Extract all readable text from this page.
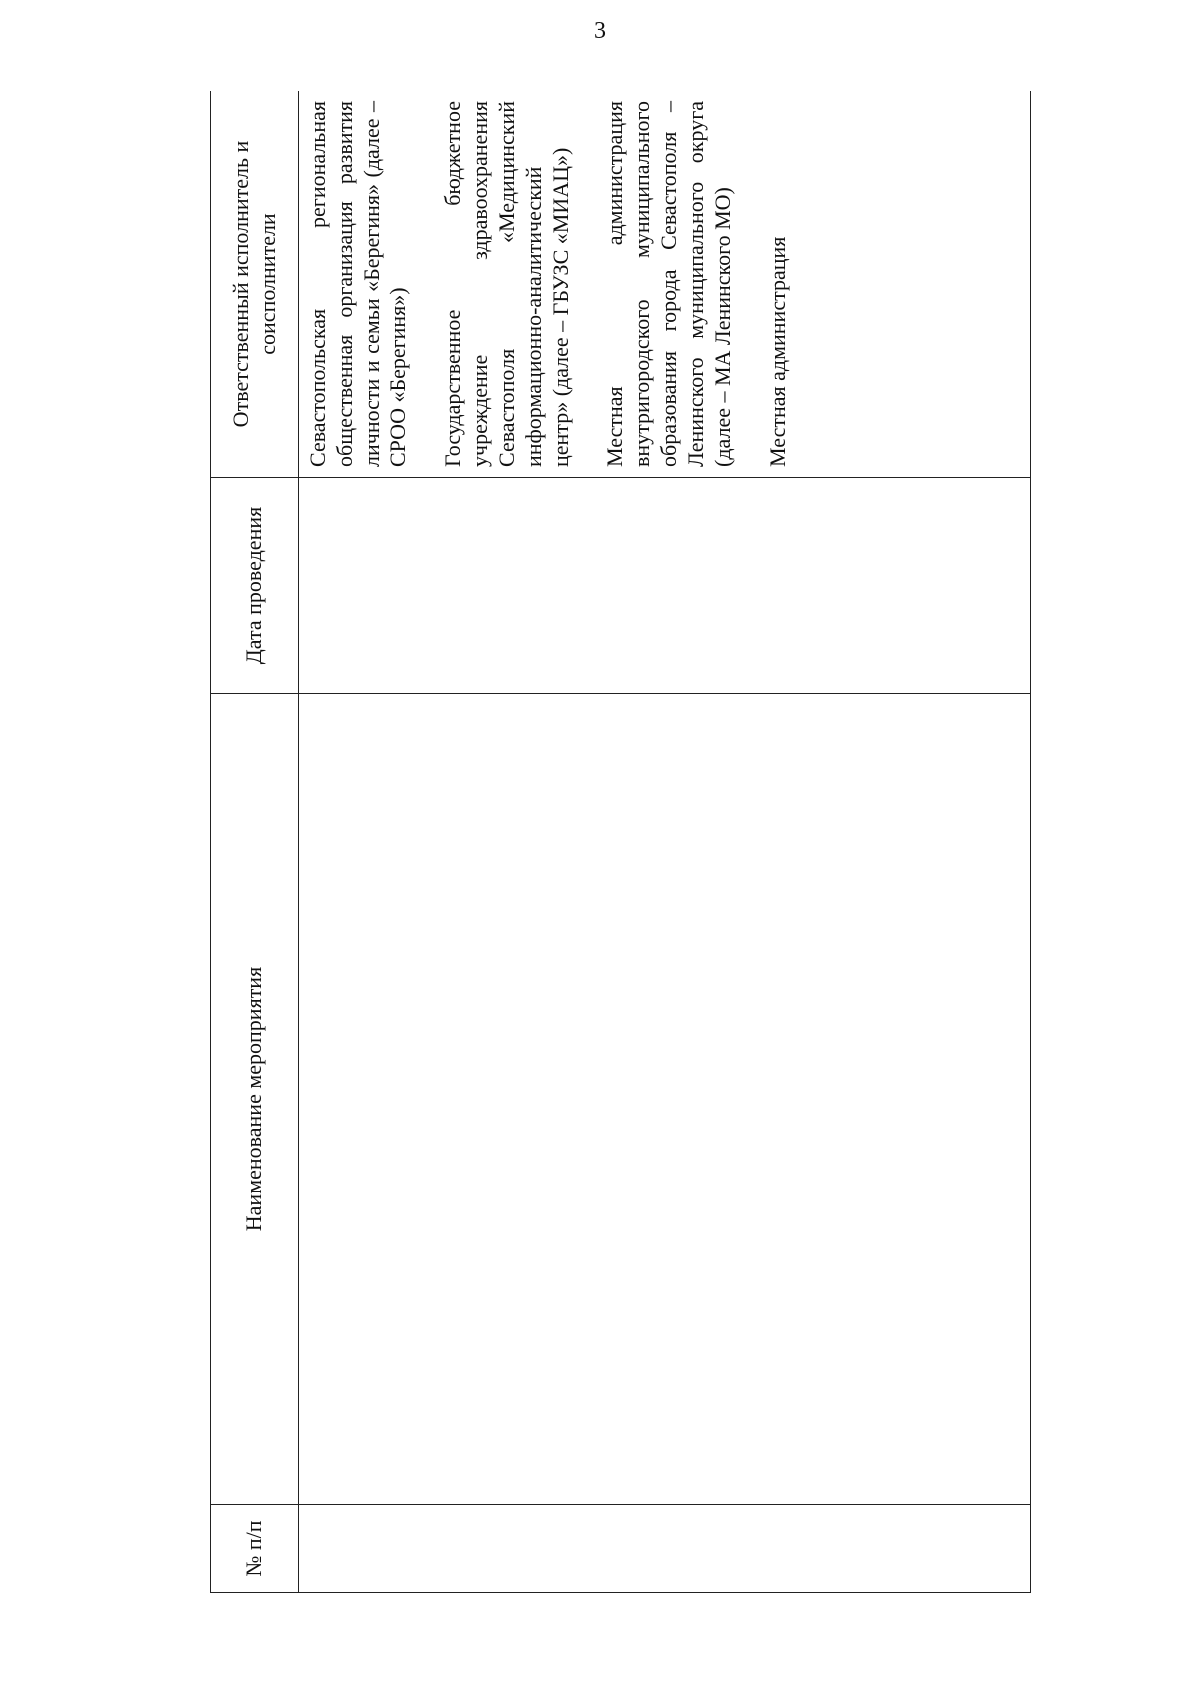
3
№ п/п	Наименование мероприятия	Дата проведения	Ответственный исполнитель и соисполнители

			Севастопольская региональная общественная организация развития личности и семьи «Берегиня» (далее – СРОО «Берегиня») Государственное бюджетное учреждение здравоохранения Севастополя «Медицинский информационно-аналитический центр» (далее – ГБУЗС «МИАЦ») Местная администрация внутригородского муниципального образования города Севастополя – Ленинского муниципального округа (далее – МА Ленинского МО) Местная администрация
